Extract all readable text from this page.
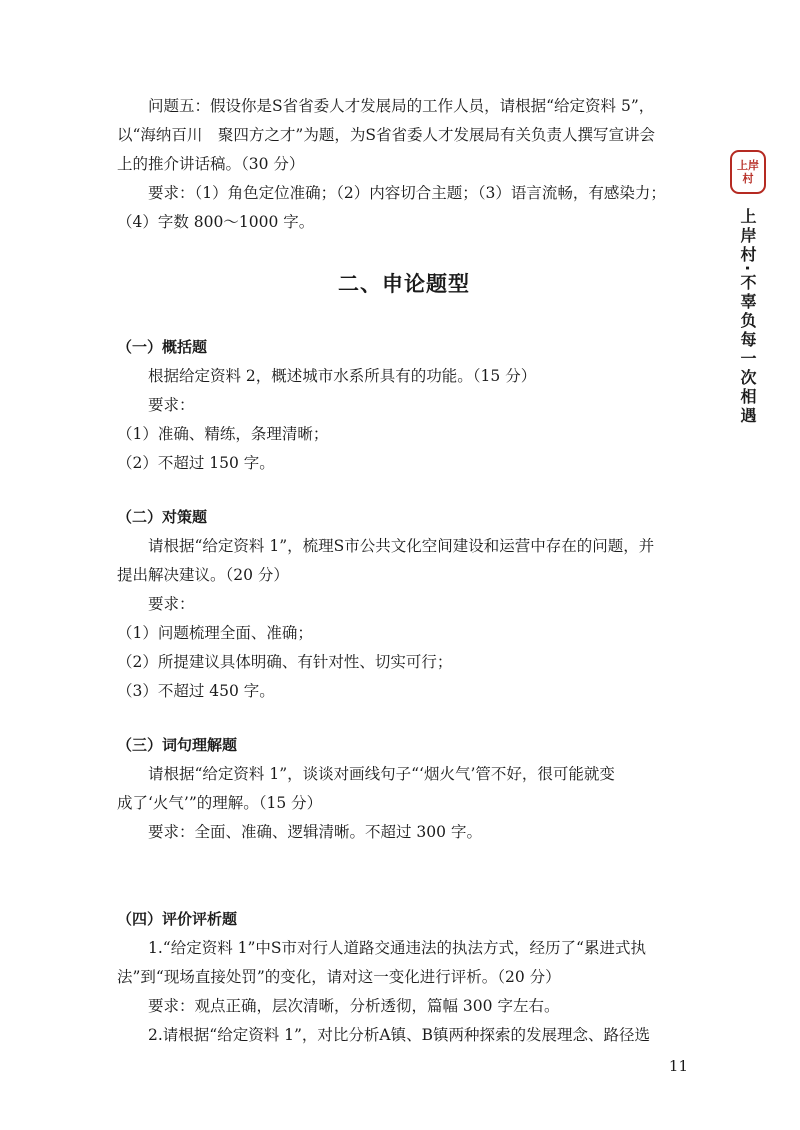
上岸村
上岸村·不辜负每一次相遇

问题五：假设你是S省省委人才发展局的工作人员，请根据“给定资料 5”，

以“海纳百川　聚四方之才”为题，为S省省委人才发展局有关负责人撰写宣讲会

上的推介讲话稿。（30 分）

要求：（1）角色定位准确；（2）内容切合主题；（3）语言流畅，有感染力；

（4）字数 800～1000 字。

二、申论题型

（一）概括题

根据给定资料 2，概述城市水系所具有的功能。（15 分）

要求：

（1）准确、精练，条理清晰；

（2）不超过 150 字。

（二）对策题

请根据“给定资料 1”，梳理S市公共文化空间建设和运营中存在的问题，并

提出解决建议。（20 分）

要求：

（1）问题梳理全面、准确；

（2）所提建议具体明确、有针对性、切实可行；

（3）不超过 450 字。

（三）词句理解题

请根据“给定资料 1”，谈谈对画线句子“‘烟火气’管不好，很可能就变

成了‘火气’”的理解。（15 分）

要求：全面、准确、逻辑清晰。不超过 300 字。

（四）评价评析题

1.“给定资料 1”中S市对行人道路交通违法的执法方式，经历了“累进式执

法”到“现场直接处罚”的变化，请对这一变化进行评析。（20 分）

要求：观点正确，层次清晰，分析透彻，篇幅 300 字左右。

2.请根据“给定资料 1”，对比分析A镇、B镇两种探索的发展理念、路径选

11
